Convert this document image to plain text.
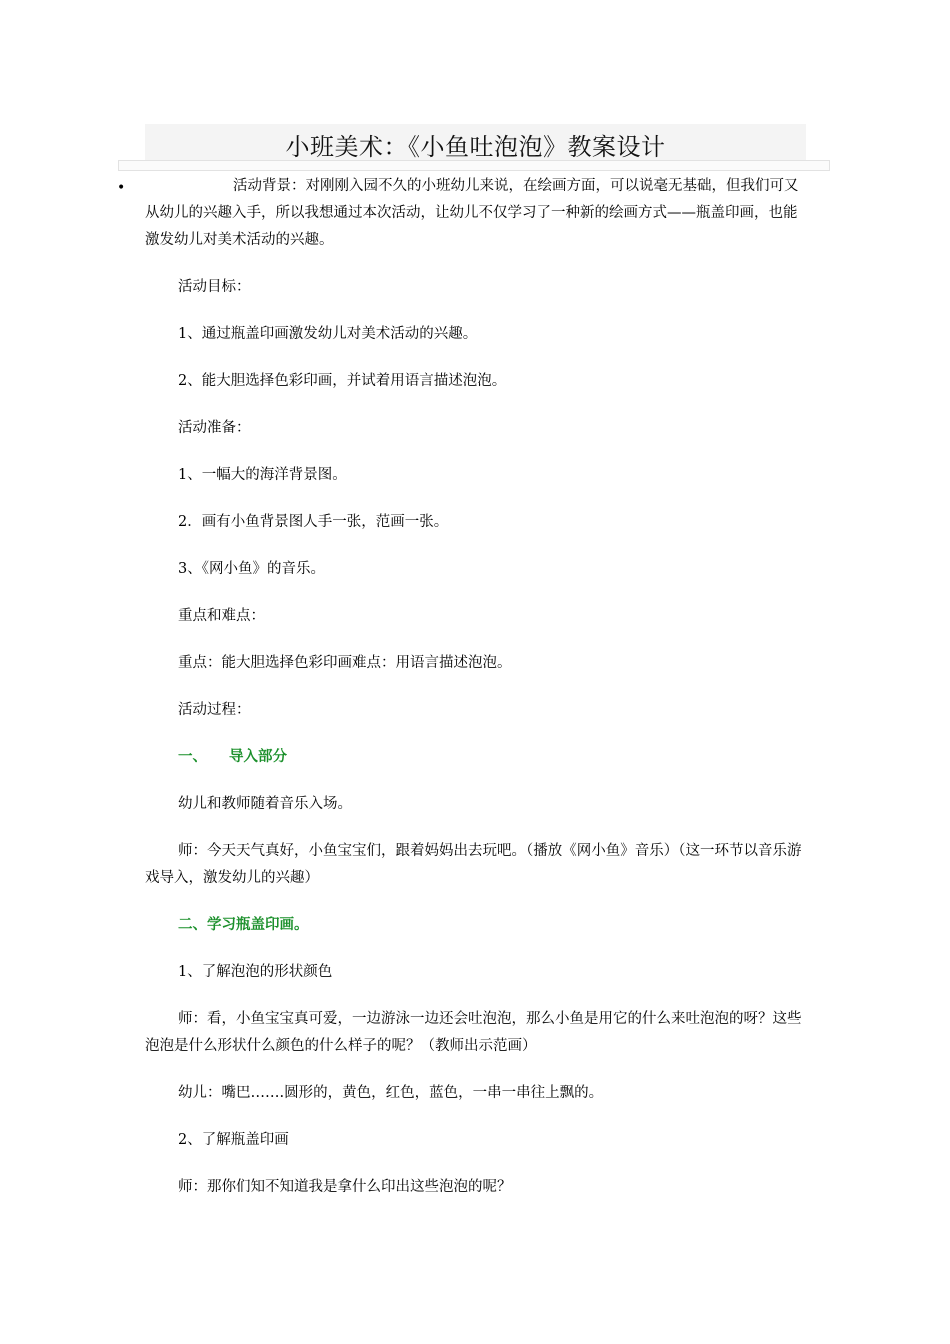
小班美术：《小鱼吐泡泡》教案设计
•	活动背景：对刚刚入园不久的小班幼儿来说，在绘画方面，可以说毫无基础，但我们可又从幼儿的兴趣入手，所以我想通过本次活动，让幼儿不仅学习了一种新的绘画方式——瓶盖印画，也能激发幼儿对美术活动的兴趣。

活动目标：

1、通过瓶盖印画激发幼儿对美术活动的兴趣。

2、能大胆选择色彩印画，并试着用语言描述泡泡。

活动准备：

1、一幅大的海洋背景图。

2．画有小鱼背景图人手一张，范画一张。

3、《网小鱼》的音乐。

重点和难点：

重点：能大胆选择色彩印画难点：用语言描述泡泡。

活动过程：

一、 导入部分

幼儿和教师随着音乐入场。

师：今天天气真好，小鱼宝宝们，跟着妈妈出去玩吧。（播放《网小鱼》音乐）（这一环节以音乐游戏导入，激发幼儿的兴趣）

二、学习瓶盖印画。

1、了解泡泡的形状颜色

师：看，小鱼宝宝真可爱，一边游泳一边还会吐泡泡，那么小鱼是用它的什么来吐泡泡的呀？这些泡泡是什么形状什么颜色的什么样子的呢？（教师出示范画）

幼儿：嘴巴…….圆形的，黄色，红色，蓝色，一串一串往上飘的。

2、了解瓶盖印画

师：那你们知不知道我是拿什么印出这些泡泡的呢？
